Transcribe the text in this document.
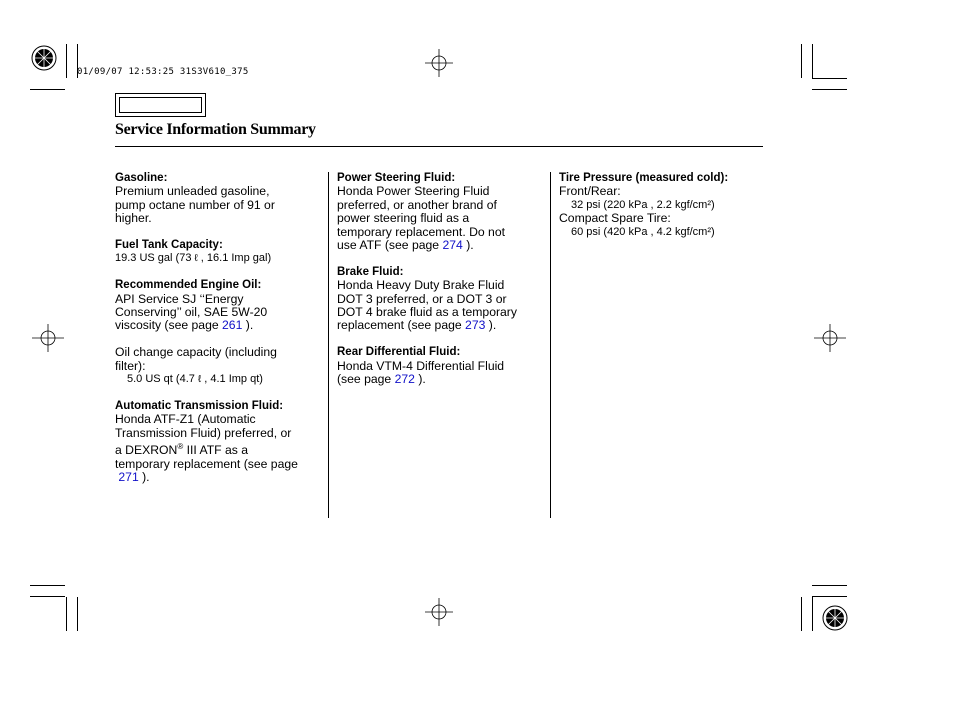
01/09/07 12:53:25 31S3V610_375
Service Information Summary

Gasoline:

Premium unleaded gasoline,

pump octane number of 91 or

higher.

Fuel Tank Capacity:

19.3 US gal (73 ℓ , 16.1 Imp gal)

Recommended Engine Oil:

API Service SJ ‘‘Energy

Conserving’’ oil, SAE 5W-20

viscosity (see page 261 ).

Oil change capacity (including

filter):

5.0 US qt (4.7 ℓ , 4.1 Imp qt)

Automatic Transmission Fluid:

Honda ATF-Z1 (Automatic

Transmission Fluid) preferred, or

a DEXRON® III ATF as a

temporary replacement (see page

271 ).

Power Steering Fluid:

Honda Power Steering Fluid

preferred, or another brand of

power steering fluid as a

temporary replacement. Do not

use ATF (see page 274 ).

Brake Fluid:

Honda Heavy Duty Brake Fluid

DOT 3 preferred, or a DOT 3 or

DOT 4 brake fluid as a temporary

replacement (see page 273 ).

Rear Differential Fluid:

Honda VTM-4 Differential Fluid

(see page 272 ).

Tire Pressure (measured cold):

Front/Rear:

32 psi (220 kPa , 2.2 kgf/cm²)

Compact Spare Tire:

60 psi (420 kPa , 4.2 kgf/cm²)
